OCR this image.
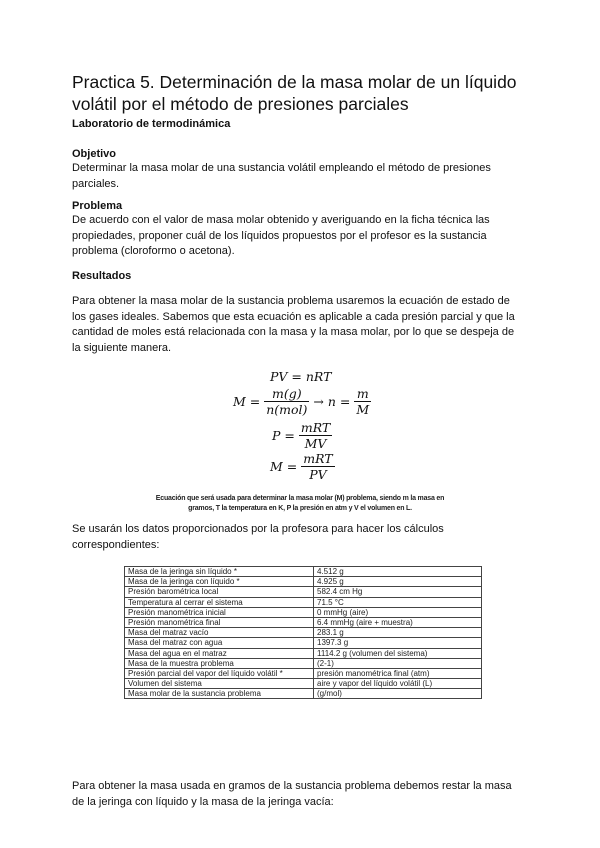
Practica 5. Determinación de la masa molar de un líquido
volátil por el método de presiones parciales
Laboratorio de termodinámica
Objetivo
Determinar la masa molar de una sustancia volátil empleando el método de presiones
parciales.
Problema
De acuerdo con el valor de masa molar obtenido y averiguando en la ficha técnica las
propiedades, proponer cuál de los líquidos propuestos por el profesor es la sustancia
problema (cloroformo o acetona).
Resultados
Para obtener la masa molar de la sustancia problema usaremos la ecuación de estado de
los gases ideales. Sabemos que esta ecuación es aplicable a cada presión parcial y que la
cantidad de moles está relacionada con la masa y la masa molar, por lo que se despeja de
la siguiente manera.
PV = nRT
$M = \frac{m(g)}{\text{n(mol)}} \to n = \frac{m}{M}$
$P = \frac{\text{mRT}}{MV}$
$M = \frac{\text{mRT}}{PV}$
Ecuación que será usada para determinar la masa molar (M) problema, siendo m la masa en
gramos, T la temperatura en K, P la presión en atm y V el volumen en L.
Se usarán los datos proporcionados por la profesora para hacer los cálculos
correspondientes:
Masa de la jeringa sin líquido *	4.512 g
Masa de la jeringa con líquido *	4.925 g
Presión barométrica local	582.4 cm Hg
Temperatura al cerrar el sistema	71.5 °C
Presión manométrica inicial	0 mmHg (aire)
Presión manométrica final	6.4 mmHg (aire + muestra)
Masa del matraz vacío	283.1 g
Masa del matraz con agua	1397.3 g
Masa del agua en el matraz	1114.2 g (volumen del sistema)
Masa de la muestra problema	(2-1)
Presión parcial del vapor del líquido volátil *	presión manométrica final (atm)
Volumen del sistema	aire y vapor del líquido volátil (L)
Masa molar de la sustancia problema	(g/mol)
Para obtener la masa usada en gramos de la sustancia problema debemos restar la masa
de la jeringa con líquido y la masa de la jeringa vacía:
